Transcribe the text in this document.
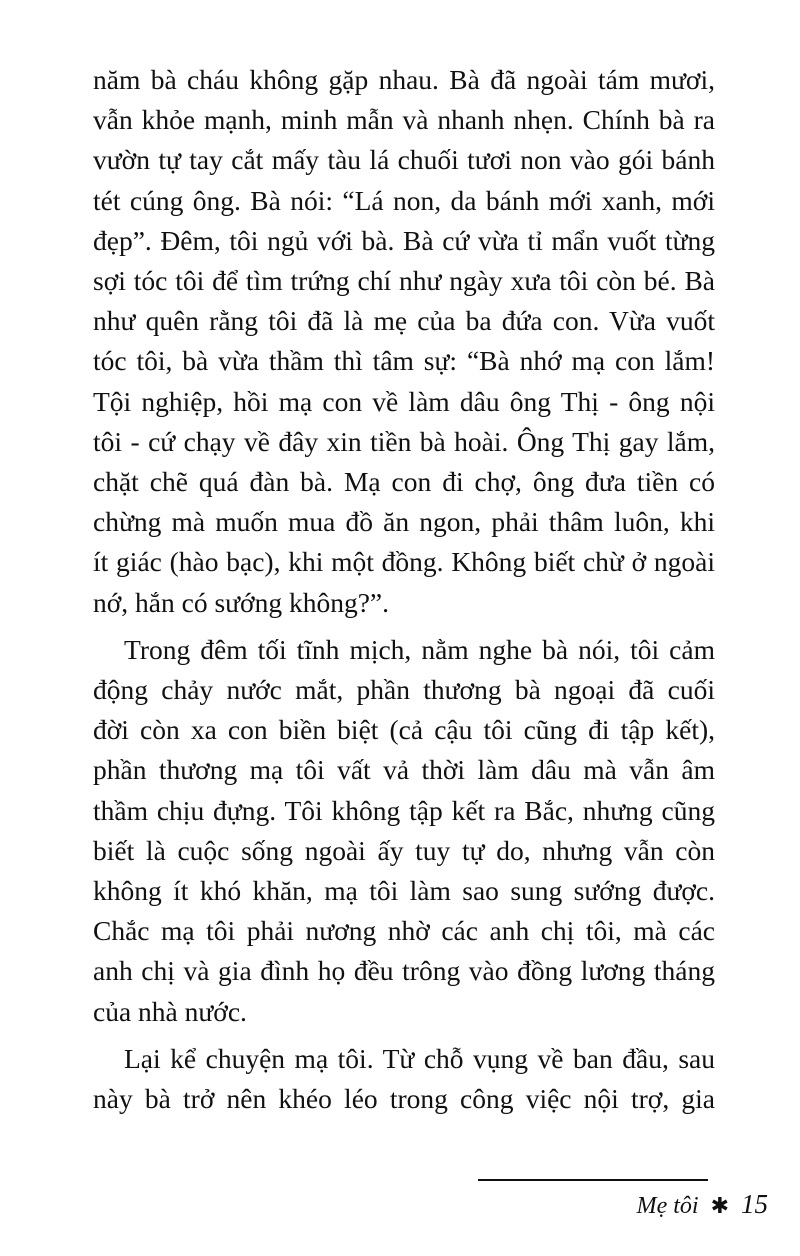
năm bà cháu không gặp nhau. Bà đã ngoài tám mươi,
vẫn khỏe mạnh, minh mẫn và nhanh nhẹn. Chính bà ra
vườn tự tay cắt mấy tàu lá chuối tươi non vào gói bánh
tét cúng ông. Bà nói: “Lá non, da bánh mới xanh, mới
đẹp”. Đêm, tôi ngủ với bà. Bà cứ vừa tỉ mẩn vuốt từng
sợi tóc tôi để tìm trứng chí như ngày xưa tôi còn bé. Bà
như quên rằng tôi đã là mẹ của ba đứa con. Vừa vuốt
tóc tôi, bà vừa thầm thì tâm sự: “Bà nhớ mạ con lắm!
Tội nghiệp, hồi mạ con về làm dâu ông Thị - ông nội
tôi - cứ chạy về đây xin tiền bà hoài. Ông Thị gay lắm,
chặt chẽ quá đàn bà. Mạ con đi chợ, ông đưa tiền có
chừng mà muốn mua đồ ăn ngon, phải thâm luôn, khi
ít giác (hào bạc), khi một đồng. Không biết chừ ở ngoài
nớ, hắn có sướng không?”.
Trong đêm tối tĩnh mịch, nằm nghe bà nói, tôi cảm
động chảy nước mắt, phần thương bà ngoại đã cuối
đời còn xa con biền biệt (cả cậu tôi cũng đi tập kết),
phần thương mạ tôi vất vả thời làm dâu mà vẫn âm
thầm chịu đựng. Tôi không tập kết ra Bắc, nhưng cũng
biết là cuộc sống ngoài ấy tuy tự do, nhưng vẫn còn
không ít khó khăn, mạ tôi làm sao sung sướng được.
Chắc mạ tôi phải nương nhờ các anh chị tôi, mà các
anh chị và gia đình họ đều trông vào đồng lương tháng
của nhà nước.
Lại kể chuyện mạ tôi. Từ chỗ vụng về ban đầu, sau
này bà trở nên khéo léo trong công việc nội trợ, gia
Mẹ tôi ✱ 15
